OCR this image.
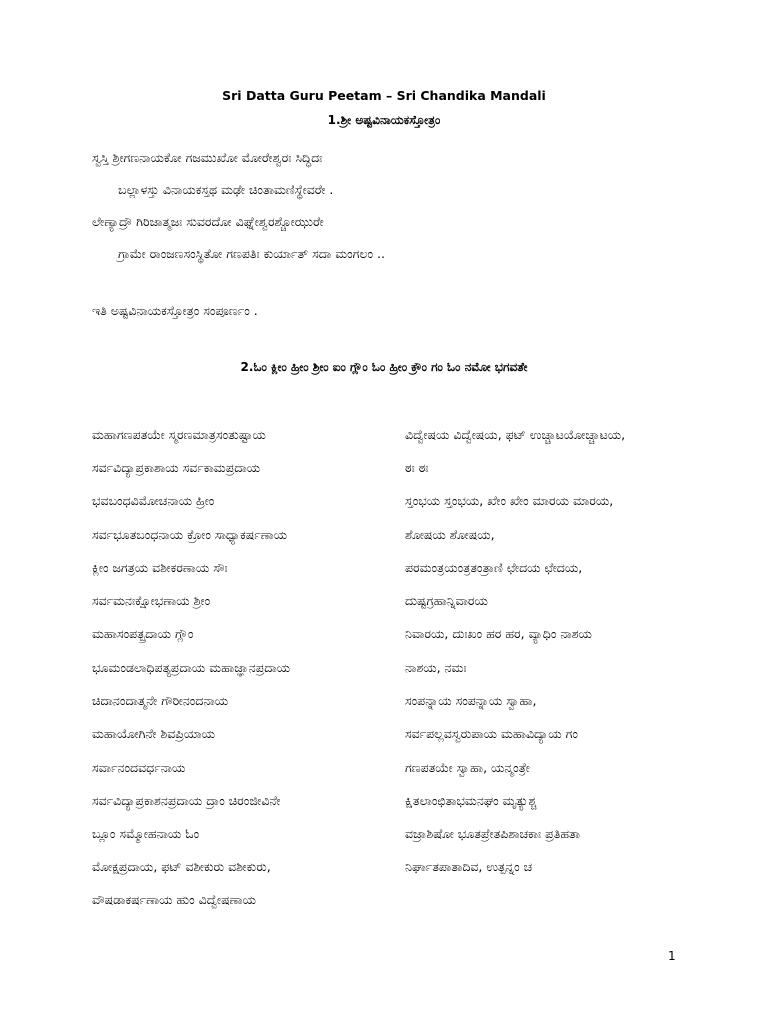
Sri Datta Guru Peetam – Sri Chandika Mandali
1.ಶ್ರೀ ಅಷ್ಟವಿನಾಯಕಸ್ತೋತ್ರಂ
ಸ್ವಸ್ತಿ ಶ್ರೀಗಣನಾಯಕೋ ಗಜಮುಖೋ ಮೋರೇಶ್ವರಃ ಸಿದ್ಧಿದಃ
ಬಲ್ಲಾಳಸ್ತು ವಿನಾಯಕಸ್ತಥ ಮಢೇ ಚಿಂತಾಮಣಿಸ್ಥೇವರೇ .
ಲೇಣ್ಯಾದ್ರೌ ಗಿರಿಜಾತ್ಮಜಃ ಸುವರದೋ ವಿಘ್ನೇಶ್ವರಶ್ಚೋಝುರೇ
ಗ್ರಾಮೇ ರಾಂಜಣಸಂಸ್ಥಿತೋ ಗಣಪತಿಃ ಕುರ್ಯಾತ್ ಸದಾ ಮಂಗಲಂ ..
ಇತಿ ಅಷ್ಟವಿನಾಯಕಸ್ತೋತ್ರಂ ಸಂಪೂರ್ಣಂ .
2.ಓಂ ಕ್ಲೀಂ ಹ್ರೀಂ ಶ್ರೀಂ ಐಂ ಗ್ಲೌಂ ಓಂ ಹ್ರೀಂ ಕ್ರೌಂ ಗಂ ಓಂ ನಮೋ ಭಗವತೇ
ಮಹಾಗಣಪತಯೇ ಸ್ಮರಣಮಾತ್ರಸಂತುಷ್ಟಾಯ
ಸರ್ವವಿದ್ಯಾಪ್ರಕಾಶಾಯ ಸರ್ವಕಾಮಪ್ರದಾಯ
ಭವಬಂಧವಿಮೋಚನಾಯ ಹ್ರೀಂ
ಸರ್ವಭೂತಬಂಧನಾಯ ಕ್ರೋಂ ಸಾಧ್ಯಾಕರ್ಷಣಾಯ
ಕ್ಲೀಂ ಜಗತ್ರಯ ವಶೀಕರಣಾಯ ಸೌಃ
ಸರ್ವಮನಃಕ್ಷೋಭಣಾಯ ಶ್ರೀಂ
ಮಹಾಸಂಪತ್ಪ್ರದಾಯ ಗ್ಲೌಂ
ಭೂಮಂಡಲಾಧಿಪತ್ಯಪ್ರದಾಯ ಮಹಾಜ್ಞಾನಪ್ರದಾಯ
ಚಿದಾನಂದಾತ್ಮನೇ ಗೌರೀನಂದನಾಯ
ಮಹಾಯೋಗಿನೇ ಶಿವಪ್ರಿಯಾಯ
ಸರ್ವಾನಂದವರ್ಧನಾಯ
ಸರ್ವವಿದ್ಯಾಪ್ರಕಾಶನಪ್ರದಾಯ ದ್ರಾಂ ಚಿರಂಜೀವಿನೇ
ಬ್ಲೂಂ ಸಮ್ಮೋಹನಾಯ ಓಂ
ಮೋಕ್ಷಪ್ರದಾಯ, ಫಟ್ ವಶೀಕುರು ವಶೀಕುರು,
ವೌಷಡಾಕರ್ಷಣಾಯ ಹುಂ ವಿದ್ವೇಷಣಾಯ
ವಿದ್ವೇಷಯ ವಿದ್ವೇಷಯ, ಫಟ್ ಉಚ್ಚಾಟಯೋಚ್ಚಾಟಯ,
ಠಃ ಠಃ
ಸ್ತಂಭಯ ಸ್ತಂಭಯ, ಖೇಂ ಖೇಂ ಮಾರಯ ಮಾರಯ,
ಶೋಷಯ ಶೋಷಯ,
ಪರಮಂತ್ರಯಂತ್ರತಂತ್ರಾಣಿ ಛೇದಯ ಛೇದಯ,
ದುಷ್ಟಗ್ರಹಾನ್ನಿವಾರಯ
ನಿವಾರಯ, ದುಃಖಂ ಹರ ಹರ, ವ್ಯಾಧಿಂ ನಾಶಯ
ನಾಶಯ, ನಮಃ
ಸಂಪನ್ನಾಯ ಸಂಪನ್ನಾಯ ಸ್ವಾಹಾ,
ಸರ್ವಪಲ್ಲವಸ್ವರುಪಾಯ ಮಹಾವಿದ್ಯಾಯ ಗಂ
ಗಣಪತಯೇ ಸ್ವಾಹಾ, ಯನ್ಮಂತ್ರೇ
ಕ್ಷಿತಲಾಂಛಿತಾಭಮನಘಂ ಮೃತ್ಯುಶ್ಚ
ವಜ್ರಾಶಿಷೋ ಭೂತಪ್ರೇತಪಿಶಾಚಕಾಃ ಪ್ರತಿಹತಾ
ನಿರ್ಘಾತಪಾತಾದಿವ, ಉತ್ಪನ್ನಂ ಚ
1
